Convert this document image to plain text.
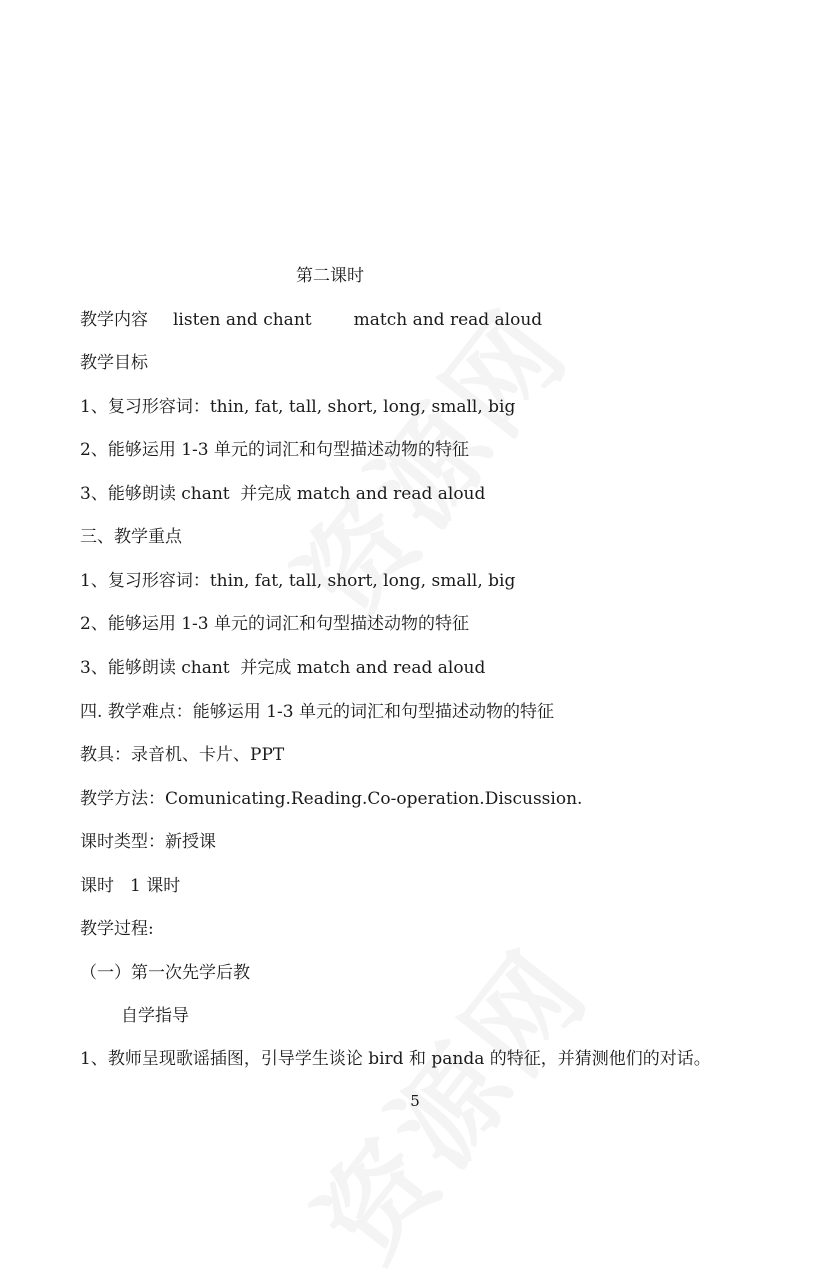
第二课时
教学内容 listen and chant match and read aloud
教学目标
1、复习形容词：thin, fat, tall, short, long, small, big
2、能够运用 1-3 单元的词汇和句型描述动物的特征
3、能够朗读 chant  并完成 match and read aloud
三、教学重点
1、复习形容词：thin, fat, tall, short, long, small, big
2、能够运用 1-3 单元的词汇和句型描述动物的特征
3、能够朗读 chant  并完成 match and read aloud
四. 教学难点：能够运用 1-3 单元的词汇和句型描述动物的特征
教具：录音机、卡片、PPT
教学方法：Comunicating.Reading.Co-operation.Discussion.
课时类型：新授课
课时 1 课时
教学过程:
（一）第一次先学后教
自学指导
1、教师呈现歌谣插图，引导学生谈论 bird 和 panda 的特征，并猜测他们的对话。
5
